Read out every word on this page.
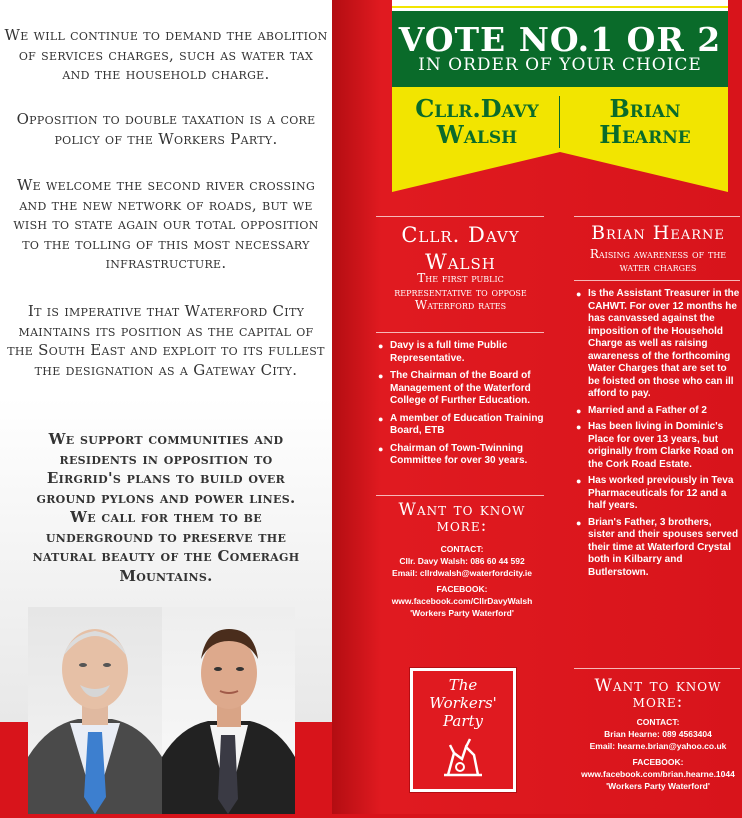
We will continue to demand the abolition of services charges, such as water tax and the household charge.

Opposition to double taxation is a core policy of the Workers Party.

We welcome the second river crossing and the new network of roads, but we wish to state again our total opposition to the tolling of this most necessary infrastructure.

It is imperative that Waterford City maintains its position as the capital of the South East and exploit to its fullest the designation as a Gateway City.

We support communities and
residents in opposition to
Eirgrid's plans to build over
ground pylons and power lines.
We call for them to be
underground to preserve the
natural beauty of the Comeragh
Mountains.

VOTE NO.1 OR 2
IN ORDER OF YOUR CHOICE
Cllr.Davy Walsh
Brian Hearne
Cllr. Davy Walsh
The first public representative to oppose Waterford rates
● Davy is a full time Public Representative.
● The Chairman of the Board of Management of the Waterford College of Further Education.
● A member of Education Training Board, ETB
● Chairman of Town-Twinning Committee for over 30 years.
Want to know more:
CONTACT:
Cllr. Davy Walsh: 086 60 44 592
Email: cllrdwalsh@waterfordcity.ie
FACEBOOK:
www.facebook.com/CllrDavyWalsh
'Workers Party Waterford'
Brian Hearne
Raising awareness of the water charges
● Is the Assistant Treasurer in the CAHWT. For over 12 months he has canvassed against the imposition of the Household Charge as well as raising awareness of the forthcoming Water Charges that are set to be foisted on those who can ill afford to pay.
● Married and a Father of 2
● Has been living in Dominic's Place for over 13 years, but originally from Clarke Road on the Cork Road Estate.
● Has worked previously in Teva Pharmaceuticals for 12 and a half years.
● Brian's Father, 3 brothers, sister and their spouses served their time at Waterford Crystal both in Kilbarry and Butlerstown.
Want to know more:
CONTACT:
Brian Hearne: 089 4563404
Email: hearne.brian@yahoo.co.uk
FACEBOOK:
www.facebook.com/brian.hearne.1044
'Workers Party Waterford'
The
Workers'
Party
